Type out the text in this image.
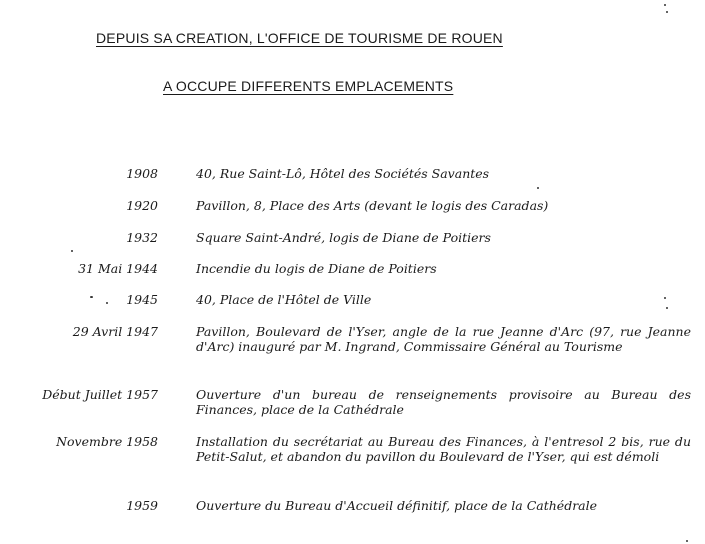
DEPUIS SA CREATION, L'OFFICE DE TOURISME DE ROUEN
A OCCUPE DIFFERENTS EMPLACEMENTS
1908	40, Rue Saint-Lô, Hôtel des Sociétés Savantes
1920	Pavillon, 8, Place des Arts (devant le logis des Caradas)
1932	Square Saint-André, logis de Diane de Poitiers
31 Mai 1944	Incendie du logis de Diane de Poitiers
1945	40, Place de l'Hôtel de Ville
29 Avril 1947	Pavillon, Boulevard de l'Yser, angle de la rue Jeanne d'Arc (97, rue Jeanne d'Arc) inauguré par M. Ingrand, Commissaire Général au Tourisme
Début Juillet 1957	Ouverture d'un bureau de renseignements provisoire au Bureau des Finances, place de la Cathédrale
Novembre 1958	Installation du secrétariat au Bureau des Finances, à l'entresol 2 bis, rue du Petit-Salut, et abandon du pavillon du Boulevard de l'Yser, qui est démoli
1959	Ouverture du Bureau d'Accueil définitif, place de la Cathédrale
